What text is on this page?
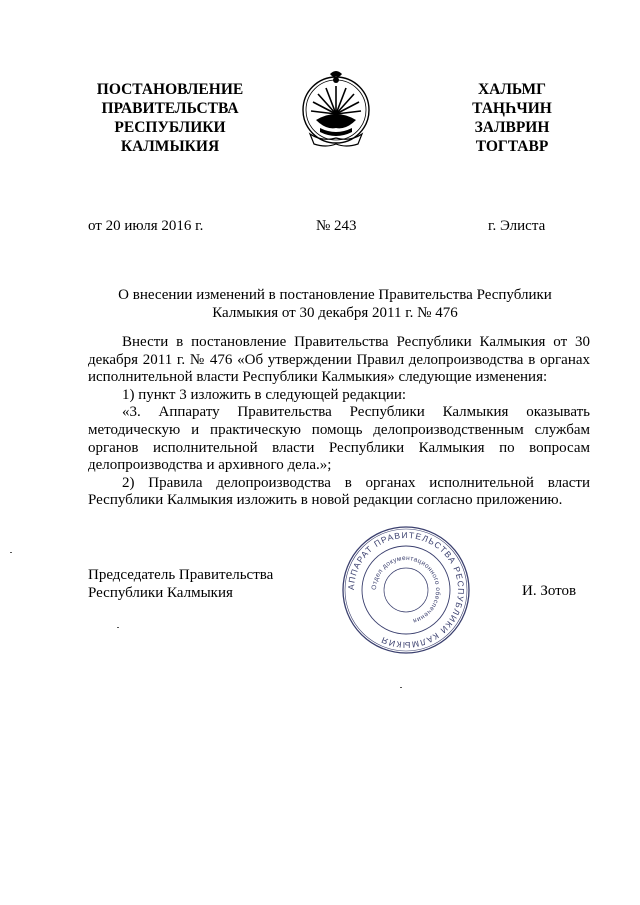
ПОСТАНОВЛЕНИЕ
ПРАВИТЕЛЬСТВА
РЕСПУБЛИКИ
КАЛМЫКИЯ
ХАЛЬМГ
ТАҢҺЧИН
ЗАЛВРИН
ТОГТАВР
от 20 июля 2016 г.	№ 243	г. Элиста
О внесении изменений в постановление Правительства Республики
Калмыкия от 30 декабря 2011 г. № 476

Внести в постановление Правительства Республики Калмыкия от 30 декабря 2011 г. № 476 «Об утверждении Правил делопроизводства в органах исполнительной власти Республики Калмыкия» следующие изменения:

1) пункт 3 изложить в следующей редакции:

«3. Аппарату Правительства Республики Калмыкия оказывать методическую и практическую помощь делопроизводственным службам органов исполнительной власти Республики Калмыкия по вопросам делопроизводства и архивного дела.»;

2) Правила делопроизводства в органах исполнительной власти Республики Калмыкия изложить в новой редакции согласно приложению.

Председатель Правительства
Республики Калмыкия	И. Зотов
АППАРАТ ПРАВИТЕЛЬСТВА РЕСПУБЛИКИ КАЛМЫКИЯ
Отдел документационного обеспечения
